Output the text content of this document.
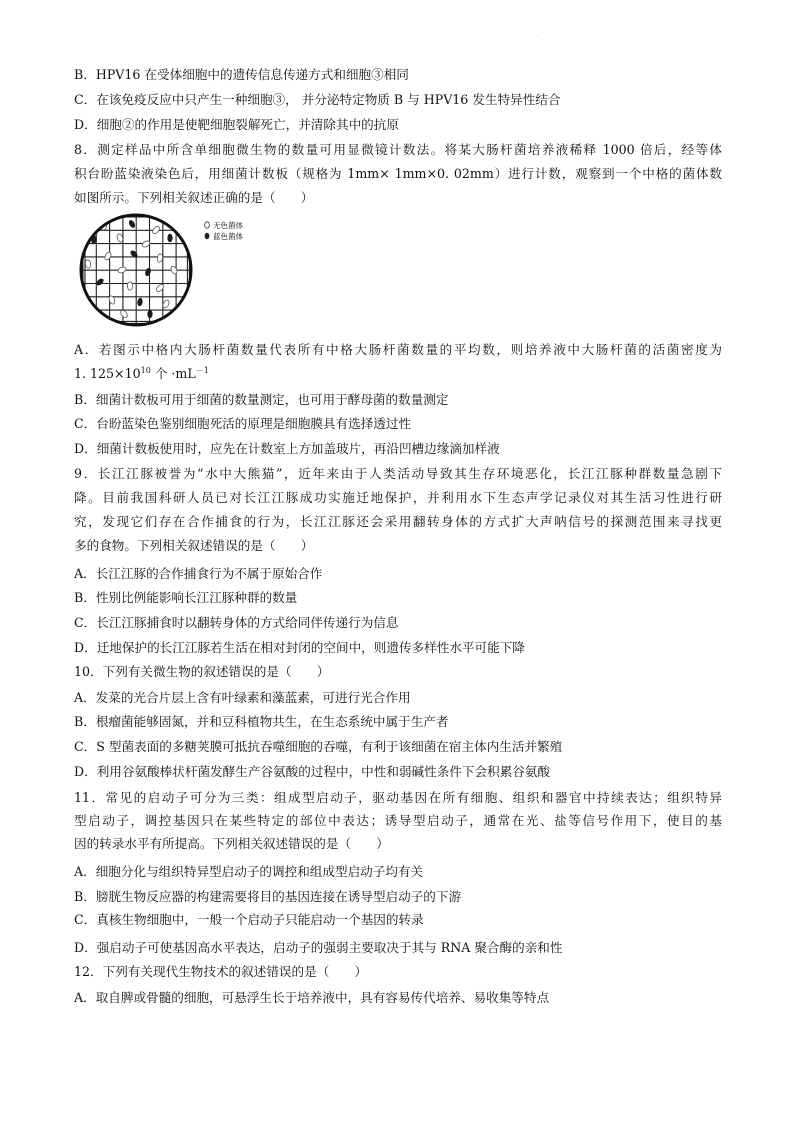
·
B．HPV16 在受体细胞中的遗传信息传递方式和细胞③相同
C．在该免疫反应中只产生一种细胞③， 并分泌特定物质 B 与 HPV16 发生特异性结合
D．细胞②的作用是使靶细胞裂解死亡，并清除其中的抗原
8．测定样品中所含单细胞微生物的数量可用显微镜计数法。将某大肠杆菌培养液稀释 1000 倍后，经等体
积台盼蓝染液染色后，用细菌计数板（规格为 1mm× 1mm×0. 02mm）进行计数，观察到一个中格的菌体数
如图所示。下列相关叙述正确的是（　　）
A．若图示中格内大肠杆菌数量代表所有中格大肠杆菌数量的平均数，则培养液中大肠杆菌的活菌密度为
B．细菌计数板可用于细菌的数量测定，也可用于酵母菌的数量测定
C．台盼蓝染色鉴别细胞死活的原理是细胞膜具有选择透过性
D．细菌计数板使用时，应先在计数室上方加盖玻片，再沿凹槽边缘滴加样液
9．长江江豚被誉为“水中大熊猫”，近年来由于人类活动导致其生存环境恶化，长江江豚种群数量急剧下
降。目前我国科研人员已对长江江豚成功实施迁地保护，并利用水下生态声学记录仪对其生活习性进行研
究，发现它们存在合作捕食的行为，长江江豚还会采用翻转身体的方式扩大声呐信号的探测范围来寻找更
多的食物。下列相关叙述错误的是（　　）
A．长江江豚的合作捕食行为不属于原始合作
B．性别比例能影响长江江豚种群的数量
C．长江江豚捕食时以翻转身体的方式给同伴传递行为信息
D．迁地保护的长江江豚若生活在相对封闭的空间中，则遗传多样性水平可能下降
10．下列有关微生物的叙述错误的是（　　）
A．发菜的光合片层上含有叶绿素和藻蓝素，可进行光合作用
B．根瘤菌能够固氮，并和豆科植物共生，在生态系统中属于生产者
C．S 型菌表面的多糖荚膜可抵抗吞噬细胞的吞噬，有利于该细菌在宿主体内生活并繁殖
D．利用谷氨酸棒状杆菌发酵生产谷氨酸的过程中，中性和弱碱性条件下会积累谷氨酸
11．常见的启动子可分为三类：组成型启动子，驱动基因在所有细胞、组织和器官中持续表达；组织特异
型启动子，调控基因只在某些特定的部位中表达；诱导型启动子，通常在光、盐等信号作用下，使目的基
因的转录水平有所提高。下列相关叙述错误的是（　　）
A．细胞分化与组织特异型启动子的调控和组成型启动子均有关
B．膀胱生物反应器的构建需要将目的基因连接在诱导型启动子的下游
C．真核生物细胞中，一般一个启动子只能启动一个基因的转录
D．强启动子可使基因高水平表达，启动子的强弱主要取决于其与 RNA 聚合酶的亲和性
12．下列有关现代生物技术的叙述错误的是（　　）
A．取自脾或骨髓的细胞，可悬浮生长于培养液中，具有容易传代培养、易收集等特点
1. $125\times 10^{10}$ 个 $\cdot mL^{-1}$
无色菌体
蓝色菌体
